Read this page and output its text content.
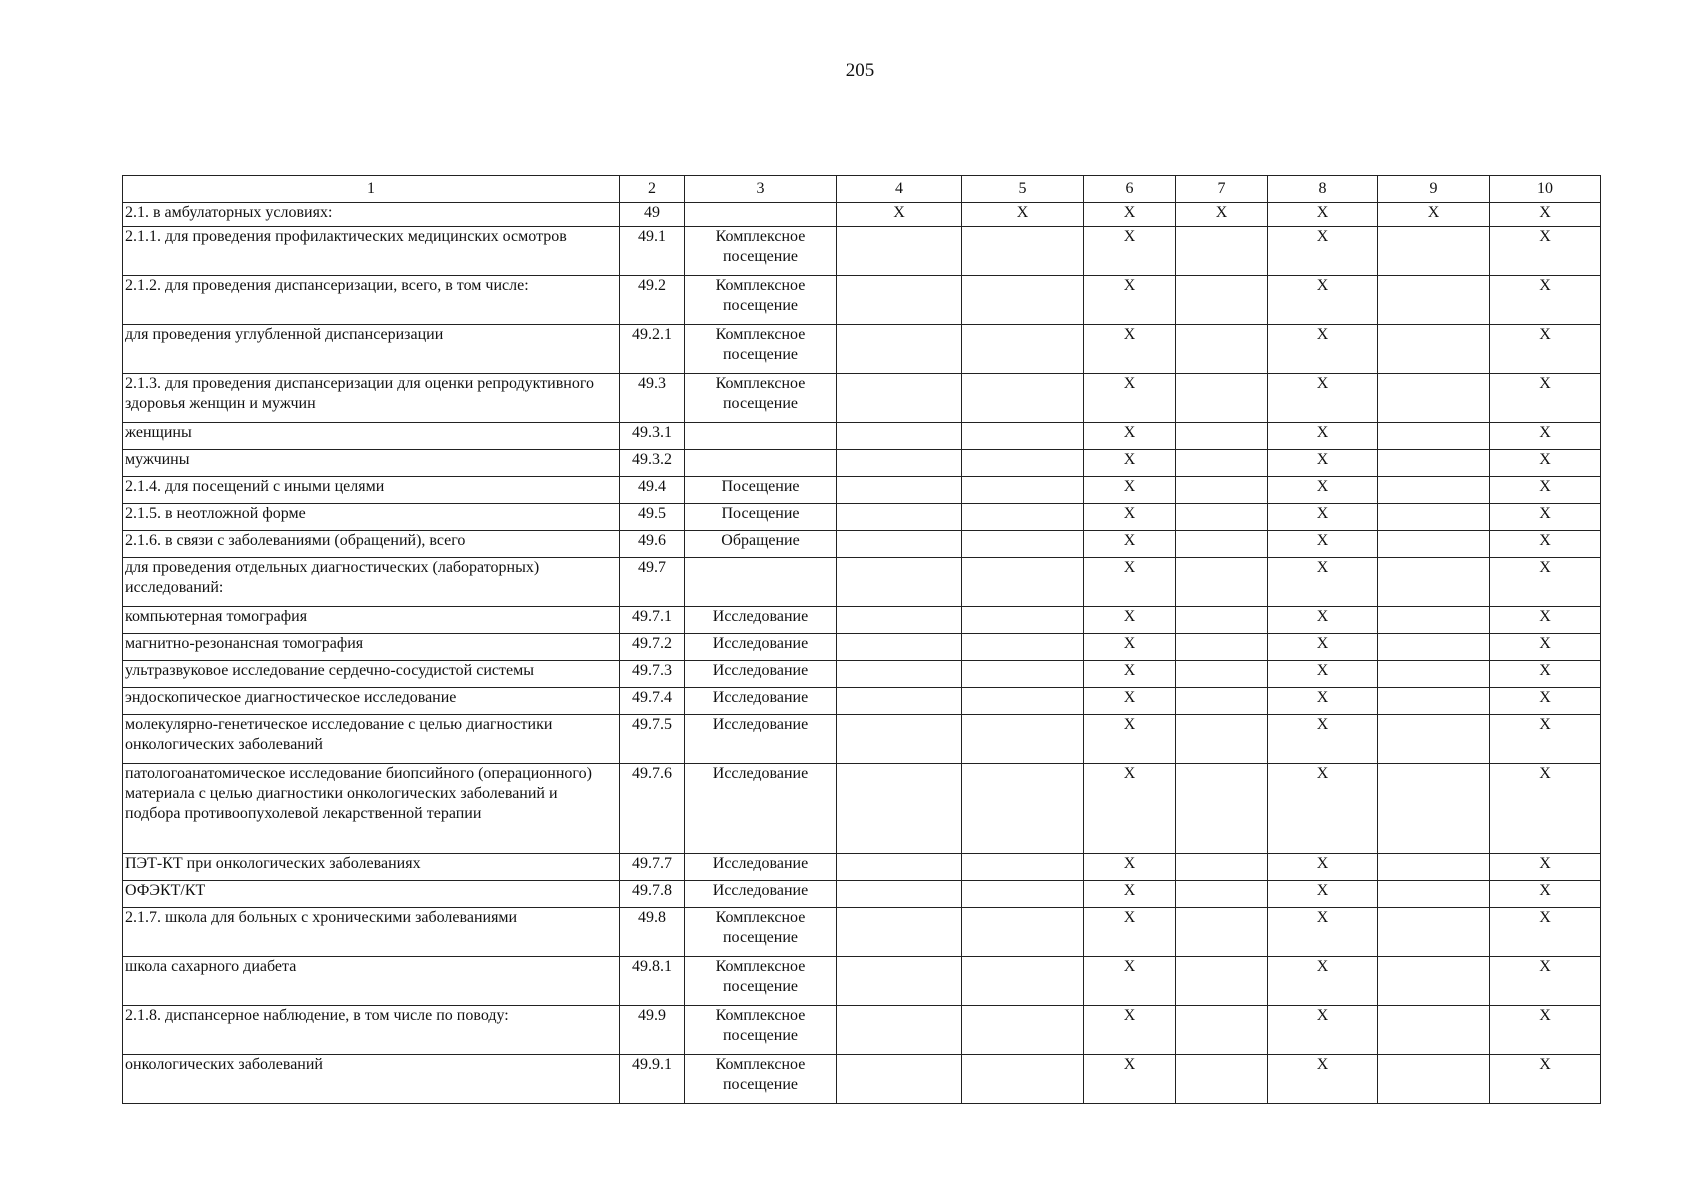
205
1	2	3	4	5	6	7	8	9	10
2.1. в амбулаторных условиях:	49		X	X	X	X	X	X	X
2.1.1. для проведения профилактических медицинских осмотров	49.1	Комплексное посещение			X		X		X
2.1.2. для проведения диспансеризации, всего, в том числе:	49.2	Комплексное посещение			X		X		X
для проведения углубленной диспансеризации	49.2.1	Комплексное посещение			X		X		X
2.1.3. для проведения диспансеризации для оценки репродуктивного здоровья женщин и мужчин	49.3	Комплексное посещение			X		X		X
женщины	49.3.1				X		X		X
мужчины	49.3.2				X		X		X
2.1.4. для посещений с иными целями	49.4	Посещение			X		X		X
2.1.5. в неотложной форме	49.5	Посещение			X		X		X
2.1.6. в связи с заболеваниями (обращений), всего	49.6	Обращение			X		X		X
для проведения отдельных диагностических (лабораторных) исследований:	49.7				X		X		X
компьютерная томография	49.7.1	Исследование			X		X		X
магнитно-резонансная томография	49.7.2	Исследование			X		X		X
ультразвуковое исследование сердечно-сосудистой системы	49.7.3	Исследование			X		X		X
эндоскопическое диагностическое исследование	49.7.4	Исследование			X		X		X
молекулярно-генетическое исследование с целью диагностики онкологических заболеваний	49.7.5	Исследование			X		X		X
патологоанатомическое исследование биопсийного (операционного) материала с целью диагностики онкологических заболеваний и подбора противоопухолевой лекарственной терапии	49.7.6	Исследование			X		X		X
ПЭТ-КТ при онкологических заболеваниях	49.7.7	Исследование			X		X		X
ОФЭКТ/КТ	49.7.8	Исследование			X		X		X
2.1.7. школа для больных с хроническими заболеваниями	49.8	Комплексное посещение			X		X		X
школа сахарного диабета	49.8.1	Комплексное посещение			X		X		X
2.1.8. диспансерное наблюдение, в том числе по поводу:	49.9	Комплексное посещение			X		X		X
онкологических заболеваний	49.9.1	Комплексное посещение			X		X		X
